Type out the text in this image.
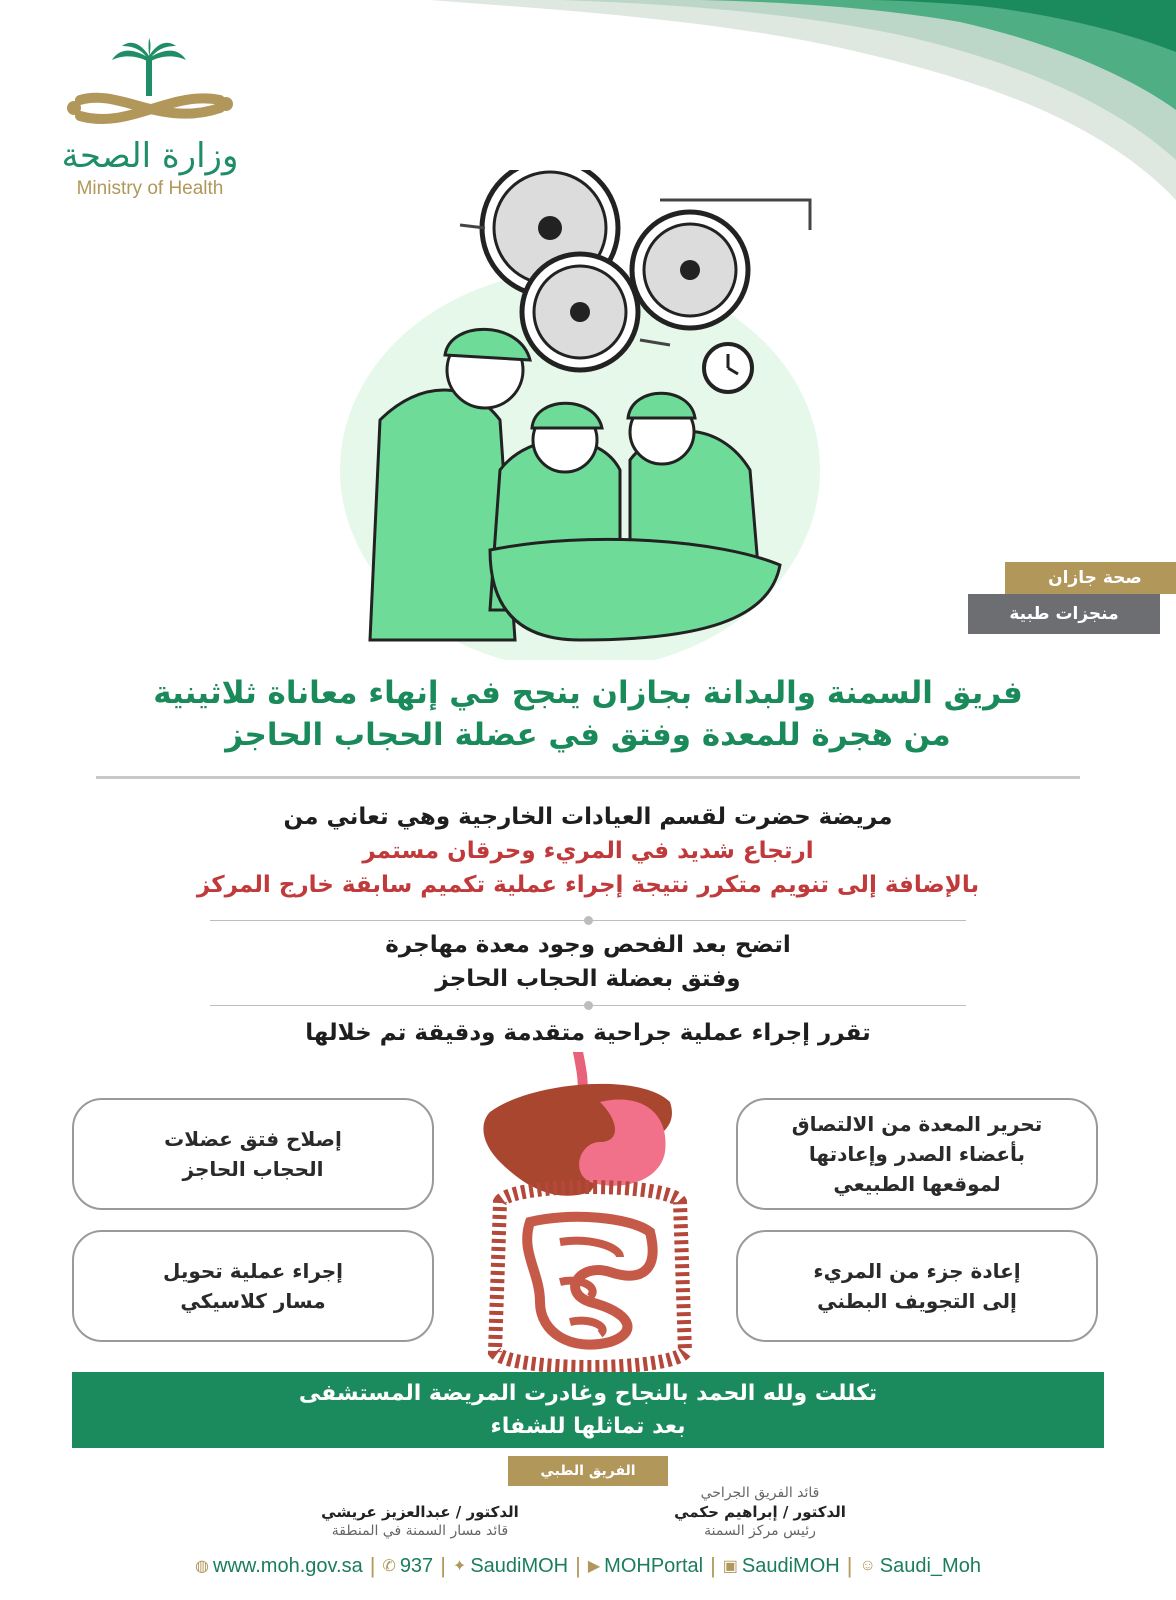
وزارة الصحة
Ministry of Health
صحة جازان
منجزات طبية
فريق السمنة والبدانة بجازان ينجح في إنهاء معاناة ثلاثينية
من هجرة للمعدة وفتق في عضلة الحجاب الحاجز
مريضة حضرت لقسم العيادات الخارجية وهي تعاني من
ارتجاع شديد في المريء وحرقان مستمر
بالإضافة إلى تنويم متكرر نتيجة إجراء عملية تكميم سابقة خارج المركز
اتضح بعد الفحص وجود معدة مهاجرة
وفتق بعضلة الحجاب الحاجز
تقرر إجراء عملية جراحية متقدمة ودقيقة تم خلالها
تحرير المعدة من الالتصاق
بأعضاء الصدر وإعادتها
لموقعها الطبيعي
إصلاح فتق عضلات
الحجاب الحاجز
إعادة جزء من المريء
إلى التجويف البطني
إجراء عملية تحويل
مسار كلاسيكي
تكللت ولله الحمد بالنجاح وغادرت المريضة المستشفى
بعد تماثلها للشفاء
الفريق الطبي
قائد الفريق الجراحي
الدكتور / إبراهيم حكمي
رئيس مركز السمنة
الدكتور / عبدالعزيز عريشي
قائد مسار السمنة في المنطقة
◍ www.moh.gov.sa | ✆ 937 | ✦ SaudiMOH | ▶ MOHPortal | ▣ SaudiMOH | ☺ Saudi_Moh
